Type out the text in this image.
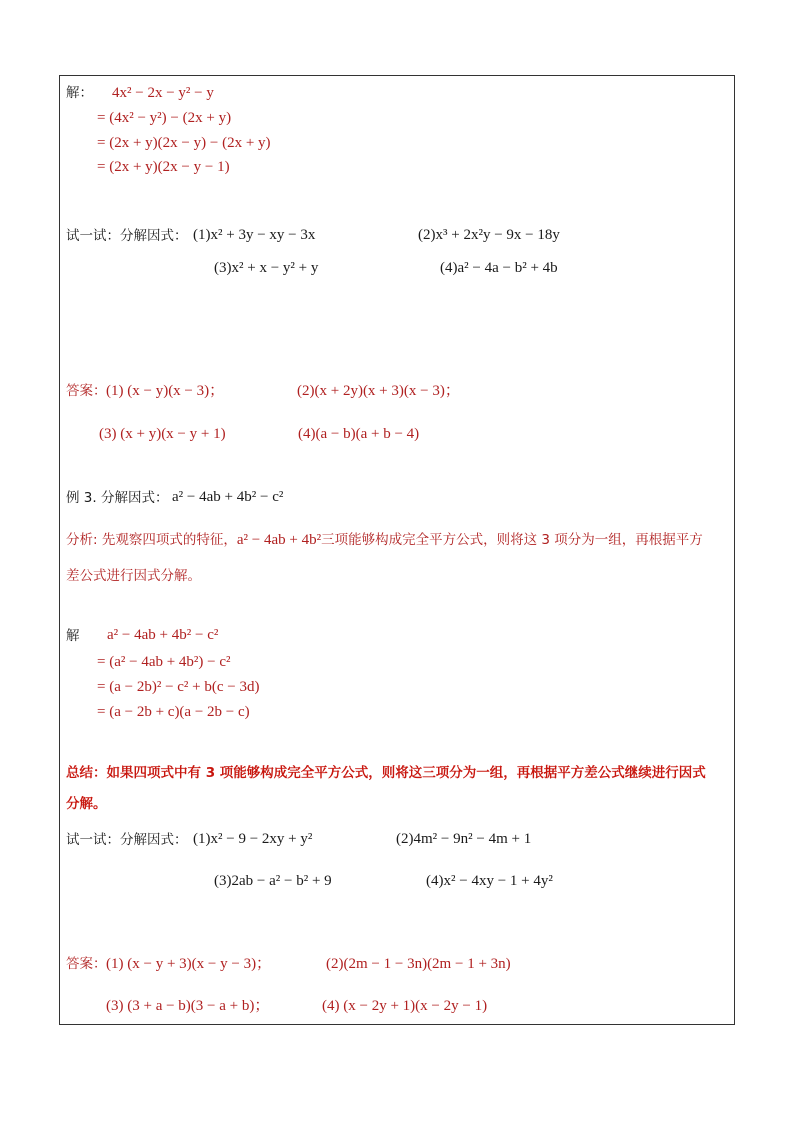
解： 4x² − 2x − y² − y
= (4x² − y²) − (2x + y)
= (2x + y)(2x − y) − (2x + y)
= (2x + y)(2x − y − 1)
试一试：分解因式： (1)x² + 3y − xy − 3x	(2)x³ + 2x²y − 9x − 18y
(3)x² + x − y² + y	(4)a² − 4a − b² + 4b
答案： (1) (x − y)(x − 3)；	(2)(x + 2y)(x + 3)(x − 3)；
(3) (x + y)(x − y + 1)	(4)(a − b)(a + b − 4)
例 3. 分解因式： a² − 4ab + 4b² − c²
分析: 先观察四项式的特征，a² − 4ab + 4b²三项能够构成完全平方公式，则将这 3 项分为一组，再根据平方
差公式进行因式分解。
解 a² − 4ab + 4b² − c²
= (a² − 4ab + 4b²) − c²
= (a − 2b)² − c² + b(c − 3d)
= (a − 2b + c)(a − 2b − c)
总结：如果四项式中有 3 项能够构成完全平方公式，则将这三项分为一组，再根据平方差公式继续进行因式
分解。
试一试：分解因式： (1)x² − 9 − 2xy + y²	(2)4m² − 9n² − 4m + 1
(3)2ab − a² − b² + 9	(4)x² − 4xy − 1 + 4y²
答案： (1) (x − y + 3)(x − y − 3)；	(2)(2m − 1 − 3n)(2m − 1 + 3n)
(3) (3 + a − b)(3 − a + b)；	(4) (x − 2y + 1)(x − 2y − 1)
